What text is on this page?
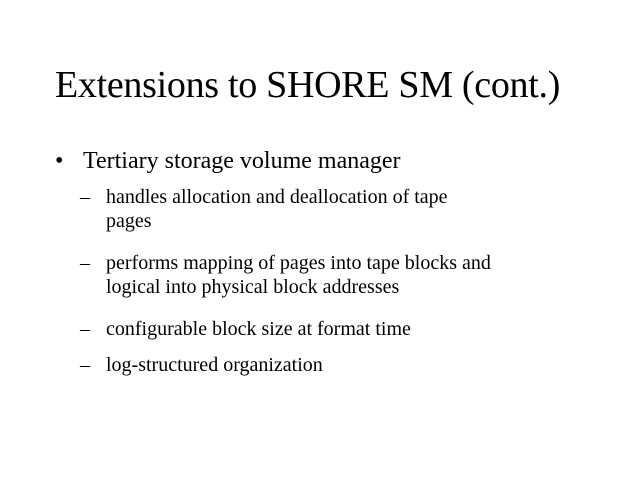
Extensions to SHORE SM (cont.)
• Tertiary storage volume manager
– handles allocation and deallocation of tape
pages
– performs mapping of pages into tape blocks and
logical into physical block addresses
– configurable block size at format time
– log-structured organization
